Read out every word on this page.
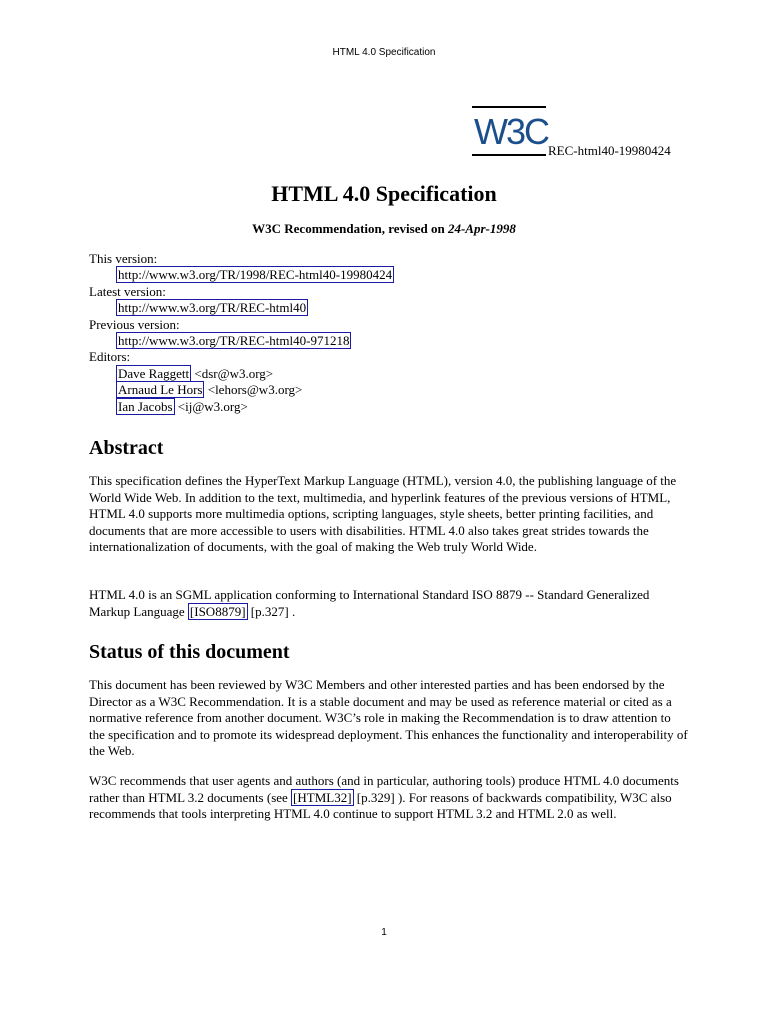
HTML 4.0 Specification
W3C REC-html40-19980424
HTML 4.0 Specification
W3C Recommendation, revised on 24-Apr-1998
This version:
http://www.w3.org/TR/1998/REC-html40-19980424
Latest version:
http://www.w3.org/TR/REC-html40
Previous version:
http://www.w3.org/TR/REC-html40-971218
Editors:
Dave Raggett <dsr@w3.org>
Arnaud Le Hors <lehors@w3.org>
Ian Jacobs <ij@w3.org>
Abstract

This specification defines the HyperText Markup Language (HTML), version 4.0, the publishing language of the World Wide Web. In addition to the text, multimedia, and hyperlink features of the previous versions of HTML, HTML 4.0 supports more multimedia options, scripting languages, style sheets, better printing facilities, and documents that are more accessible to users with disabilities. HTML 4.0 also takes great strides towards the internationalization of documents, with the goal of making the Web truly World Wide.

HTML 4.0 is an SGML application conforming to International Standard ISO 8879 -- Standard Generalized Markup Language [ISO8879] [p.327] .

Status of this document

This document has been reviewed by W3C Members and other interested parties and has been endorsed by the Director as a W3C Recommendation. It is a stable document and may be used as reference material or cited as a normative reference from another document. W3C’s role in making the Recommendation is to draw attention to the specification and to promote its widespread deployment. This enhances the functionality and interoperability of the Web.

W3C recommends that user agents and authors (and in particular, authoring tools) produce HTML 4.0 documents rather than HTML 3.2 documents (see [HTML32] [p.329] ). For reasons of backwards compatibility, W3C also recommends that tools interpreting HTML 4.0 continue to support HTML 3.2 and HTML 2.0 as well.

1
